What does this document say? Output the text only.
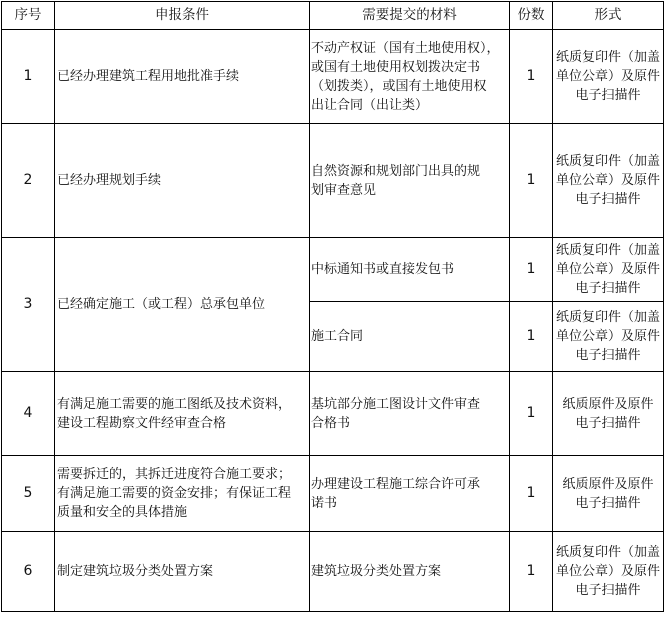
序号	申报条件	需要提交的材料	份数	形式
1	已经办理建筑工程用地批准手续	不动产权证（国有土地使用权），
或国有土地使用权划拨决定书
（划拨类），或国有土地使用权
出让合同（出让类）	1	纸质复印件（加盖
单位公章）及原件
电子扫描件

2	已经办理规划手续	自然资源和规划部门出具的规
划审查意见	1	纸质复印件（加盖
单位公章）及原件
电子扫描件

3	已经确定施工（或工程）总承包单位	中标通知书或直接发包书	1	纸质复印件（加盖
单位公章）及原件
电子扫描件

		施工合同	1	纸质复印件（加盖
单位公章）及原件
电子扫描件

4	有满足施工需要的施工图纸及技术资料，
建设工程勘察文件经审查合格	基坑部分施工图设计文件审查
合格书	1	纸质原件及原件
电子扫描件

5	需要拆迁的，其拆迁进度符合施工要求；
有满足施工需要的资金安排；有保证工程
质量和安全的具体措施	办理建设工程施工综合许可承
诺书	1	纸质原件及原件
电子扫描件

6	制定建筑垃圾分类处置方案	建筑垃圾分类处置方案	1	纸质复印件（加盖
单位公章）及原件
电子扫描件
